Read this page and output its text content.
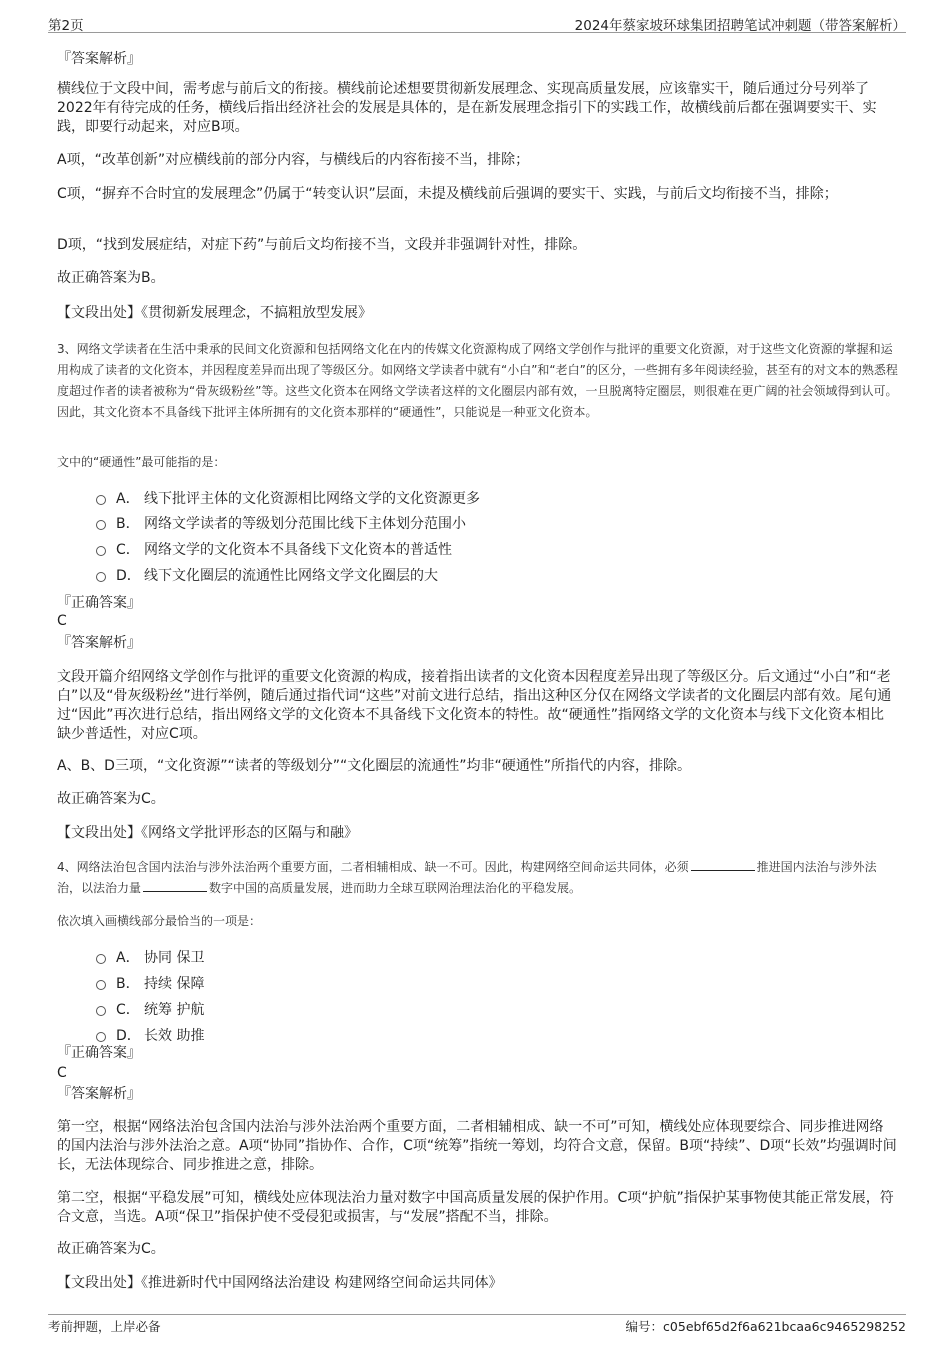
第2页	2024年蔡家坡环球集团招聘笔试冲刺题（带答案解析）
『答案解析』
横线位于文段中间，需考虑与前后文的衔接。横线前论述想要贯彻新发展理念、实现高质量发展，应该靠实干，随后通过分号列举了2022年有待完成的任务，横线后指出经济社会的发展是具体的，是在新发展理念指引下的实践工作，故横线前后都在强调要实干、实践，即要行动起来，对应B项。
A项，“改革创新”对应横线前的部分内容，与横线后的内容衔接不当，排除；
C项，“摒弃不合时宜的发展理念”仍属于“转变认识”层面，未提及横线前后强调的要实干、实践，与前后文均衔接不当，排除；
D项，“找到发展症结，对症下药”与前后文均衔接不当，文段并非强调针对性，排除。
故正确答案为B。
【文段出处】《贯彻新发展理念，不搞粗放型发展》
3、网络文学读者在生活中秉承的民间文化资源和包括网络文化在内的传媒文化资源构成了网络文学创作与批评的重要文化资源，对于这些文化资源的掌握和运用构成了读者的文化资本，并因程度差异而出现了等级区分。如网络文学读者中就有“小白”和“老白”的区分，一些拥有多年阅读经验，甚至有的对文本的熟悉程度超过作者的读者被称为“骨灰级粉丝”等。这些文化资本在网络文学读者这样的文化圈层内部有效，一旦脱离特定圈层，则很难在更广阔的社会领域得到认可。因此，其文化资本不具备线下批评主体所拥有的文化资本那样的“硬通性”，只能说是一种亚文化资本。
文中的“硬通性”最可能指的是：
A． 线下批评主体的文化资源相比网络文学的文化资源更多
B． 网络文学读者的等级划分范围比线下主体划分范围小
C． 网络文学的文化资本不具备线下文化资本的普适性
D． 线下文化圈层的流通性比网络文学文化圈层的大
『正确答案』
C
『答案解析』
文段开篇介绍网络文学创作与批评的重要文化资源的构成，接着指出读者的文化资本因程度差异出现了等级区分。后文通过“小白”和“老白”以及“骨灰级粉丝”进行举例，随后通过指代词“这些”对前文进行总结，指出这种区分仅在网络文学读者的文化圈层内部有效。尾句通过“因此”再次进行总结，指出网络文学的文化资本不具备线下文化资本的特性。故“硬通性”指网络文学的文化资本与线下文化资本相比缺少普适性，对应C项。
A、B、D三项，“文化资源”“读者的等级划分”“文化圈层的流通性”均非“硬通性”所指代的内容，排除。
故正确答案为C。
【文段出处】《网络文学批评形态的区隔与和融》
4、网络法治包含国内法治与涉外法治两个重要方面，二者相辅相成、缺一不可。因此，构建网络空间命运共同体，必须	推进国内法治与涉外法治，以法治力量	数字中国的高质量发展，进而助力全球互联网治理法治化的平稳发展。
依次填入画横线部分最恰当的一项是：
A． 协同 保卫
B． 持续 保障
C． 统筹 护航
D． 长效 助推
『正确答案』
C
『答案解析』
第一空，根据“网络法治包含国内法治与涉外法治两个重要方面，二者相辅相成、缺一不可”可知，横线处应体现要综合、同步推进网络的国内法治与涉外法治之意。A项“协同”指协作、合作，C项“统筹”指统一筹划，均符合文意，保留。B项“持续”、D项“长效”均强调时间长，无法体现综合、同步推进之意，排除。
第二空，根据“平稳发展”可知，横线处应体现法治力量对数字中国高质量发展的保护作用。C项“护航”指保护某事物使其能正常发展，符合文意，当选。A项“保卫”指保护使不受侵犯或损害，与“发展”搭配不当，排除。
故正确答案为C。
【文段出处】《推进新时代中国网络法治建设 构建网络空间命运共同体》
考前押题，上岸必备	编号：c05ebf65d2f6a621bcaa6c9465298252
